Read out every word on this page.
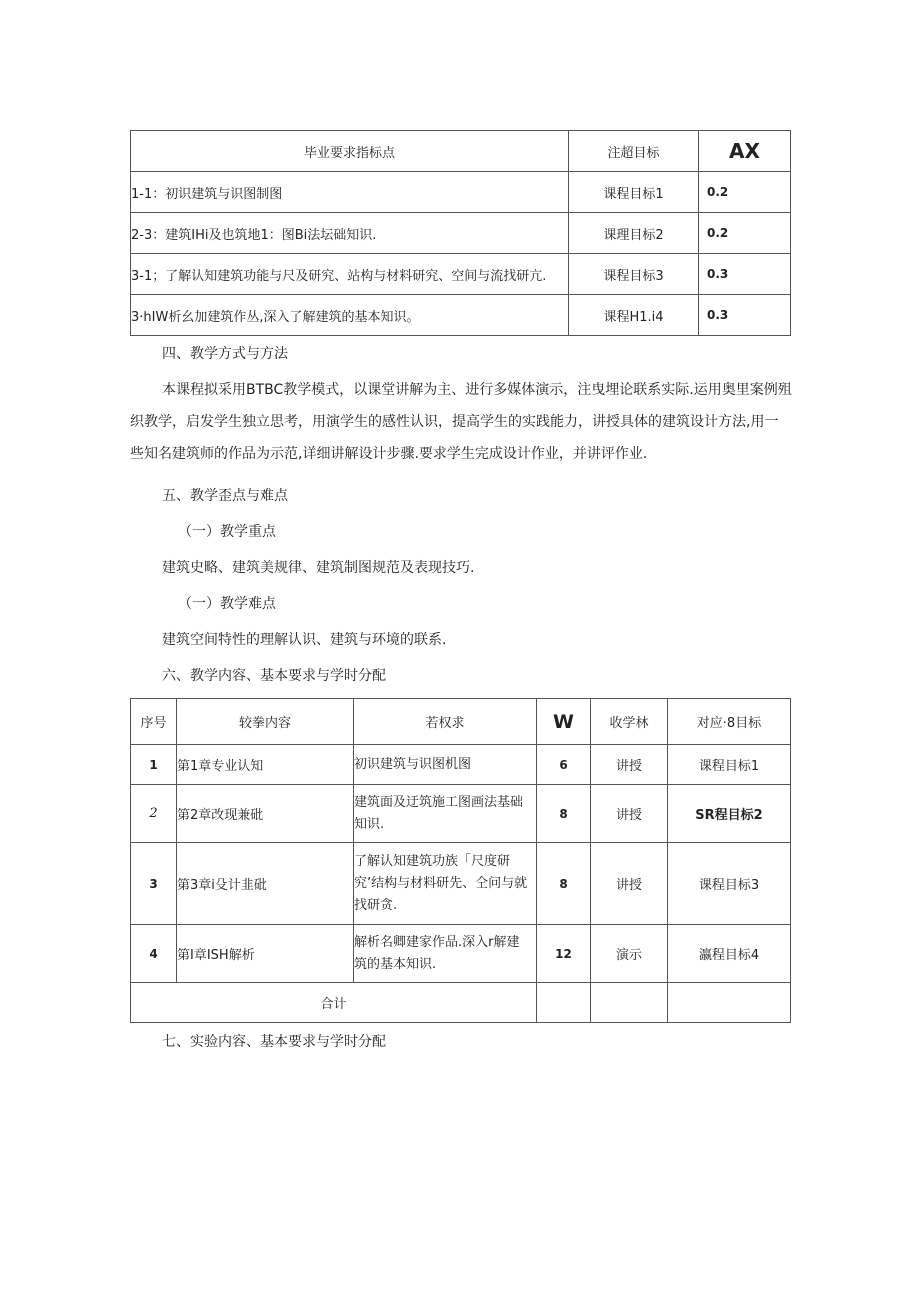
毕业要求指标点	注超目标	AX
1-1：初识建筑与识图制图	课程目标1	0.2
2-3：建筑IHi及也筑地1：图Bi法坛础知识.	课理目标2	0.2
3-1；了解认知建筑功能与尺及研究、站构与材料研究、空间与流找研亢.	课程目标3	0.3
3·hIW析幺加建筑作丛,深入了解建筑的基本知识。	课程H1.i4	0.3

四、教学方式与方法

本课程拟采用BTBC教学模式，以课堂讲解为主、进行多媒体演示，注曳埋论联系实际.运用奥里案例殂织教学，启发学生独立思考，用演学生的感性认识，提高学生的实践能力，讲授具体的建筑设计方法,用一些知名建筑师的作品为示范,详细讲解设计步骤.要求学生完成设计作业，并讲评作业.

五、教学歪点与难点

（一）教学重点

建筑史略、建筑美规律、建筑制图规范及表现技巧.

（一）教学难点

建筑空间特性的理解认识、建筑与环境的联系.

六、教学内容、基本要求与学时分配

序号	较拳内容	若权求	W	收学林	对应·8目标
1	第1章专业认知	初识建筑与识图机图	6	讲授	课程目标1
2	第2章改现兼砒	建筑面及迂筑施工图画法基础知识.	8	讲授	SR程目标2
3	第3章i殳计韭砒	了解认知建筑功族「尺度研究’结构与材料研先、仝问与就找研贪.	8	讲授	课程目标3
4	第I章ISH解析	解析名卿建家作品.深入r解建筑的基本知识.	12	演示	瀛程目标4
合计					

七、实验内容、基本要求与学时分配
